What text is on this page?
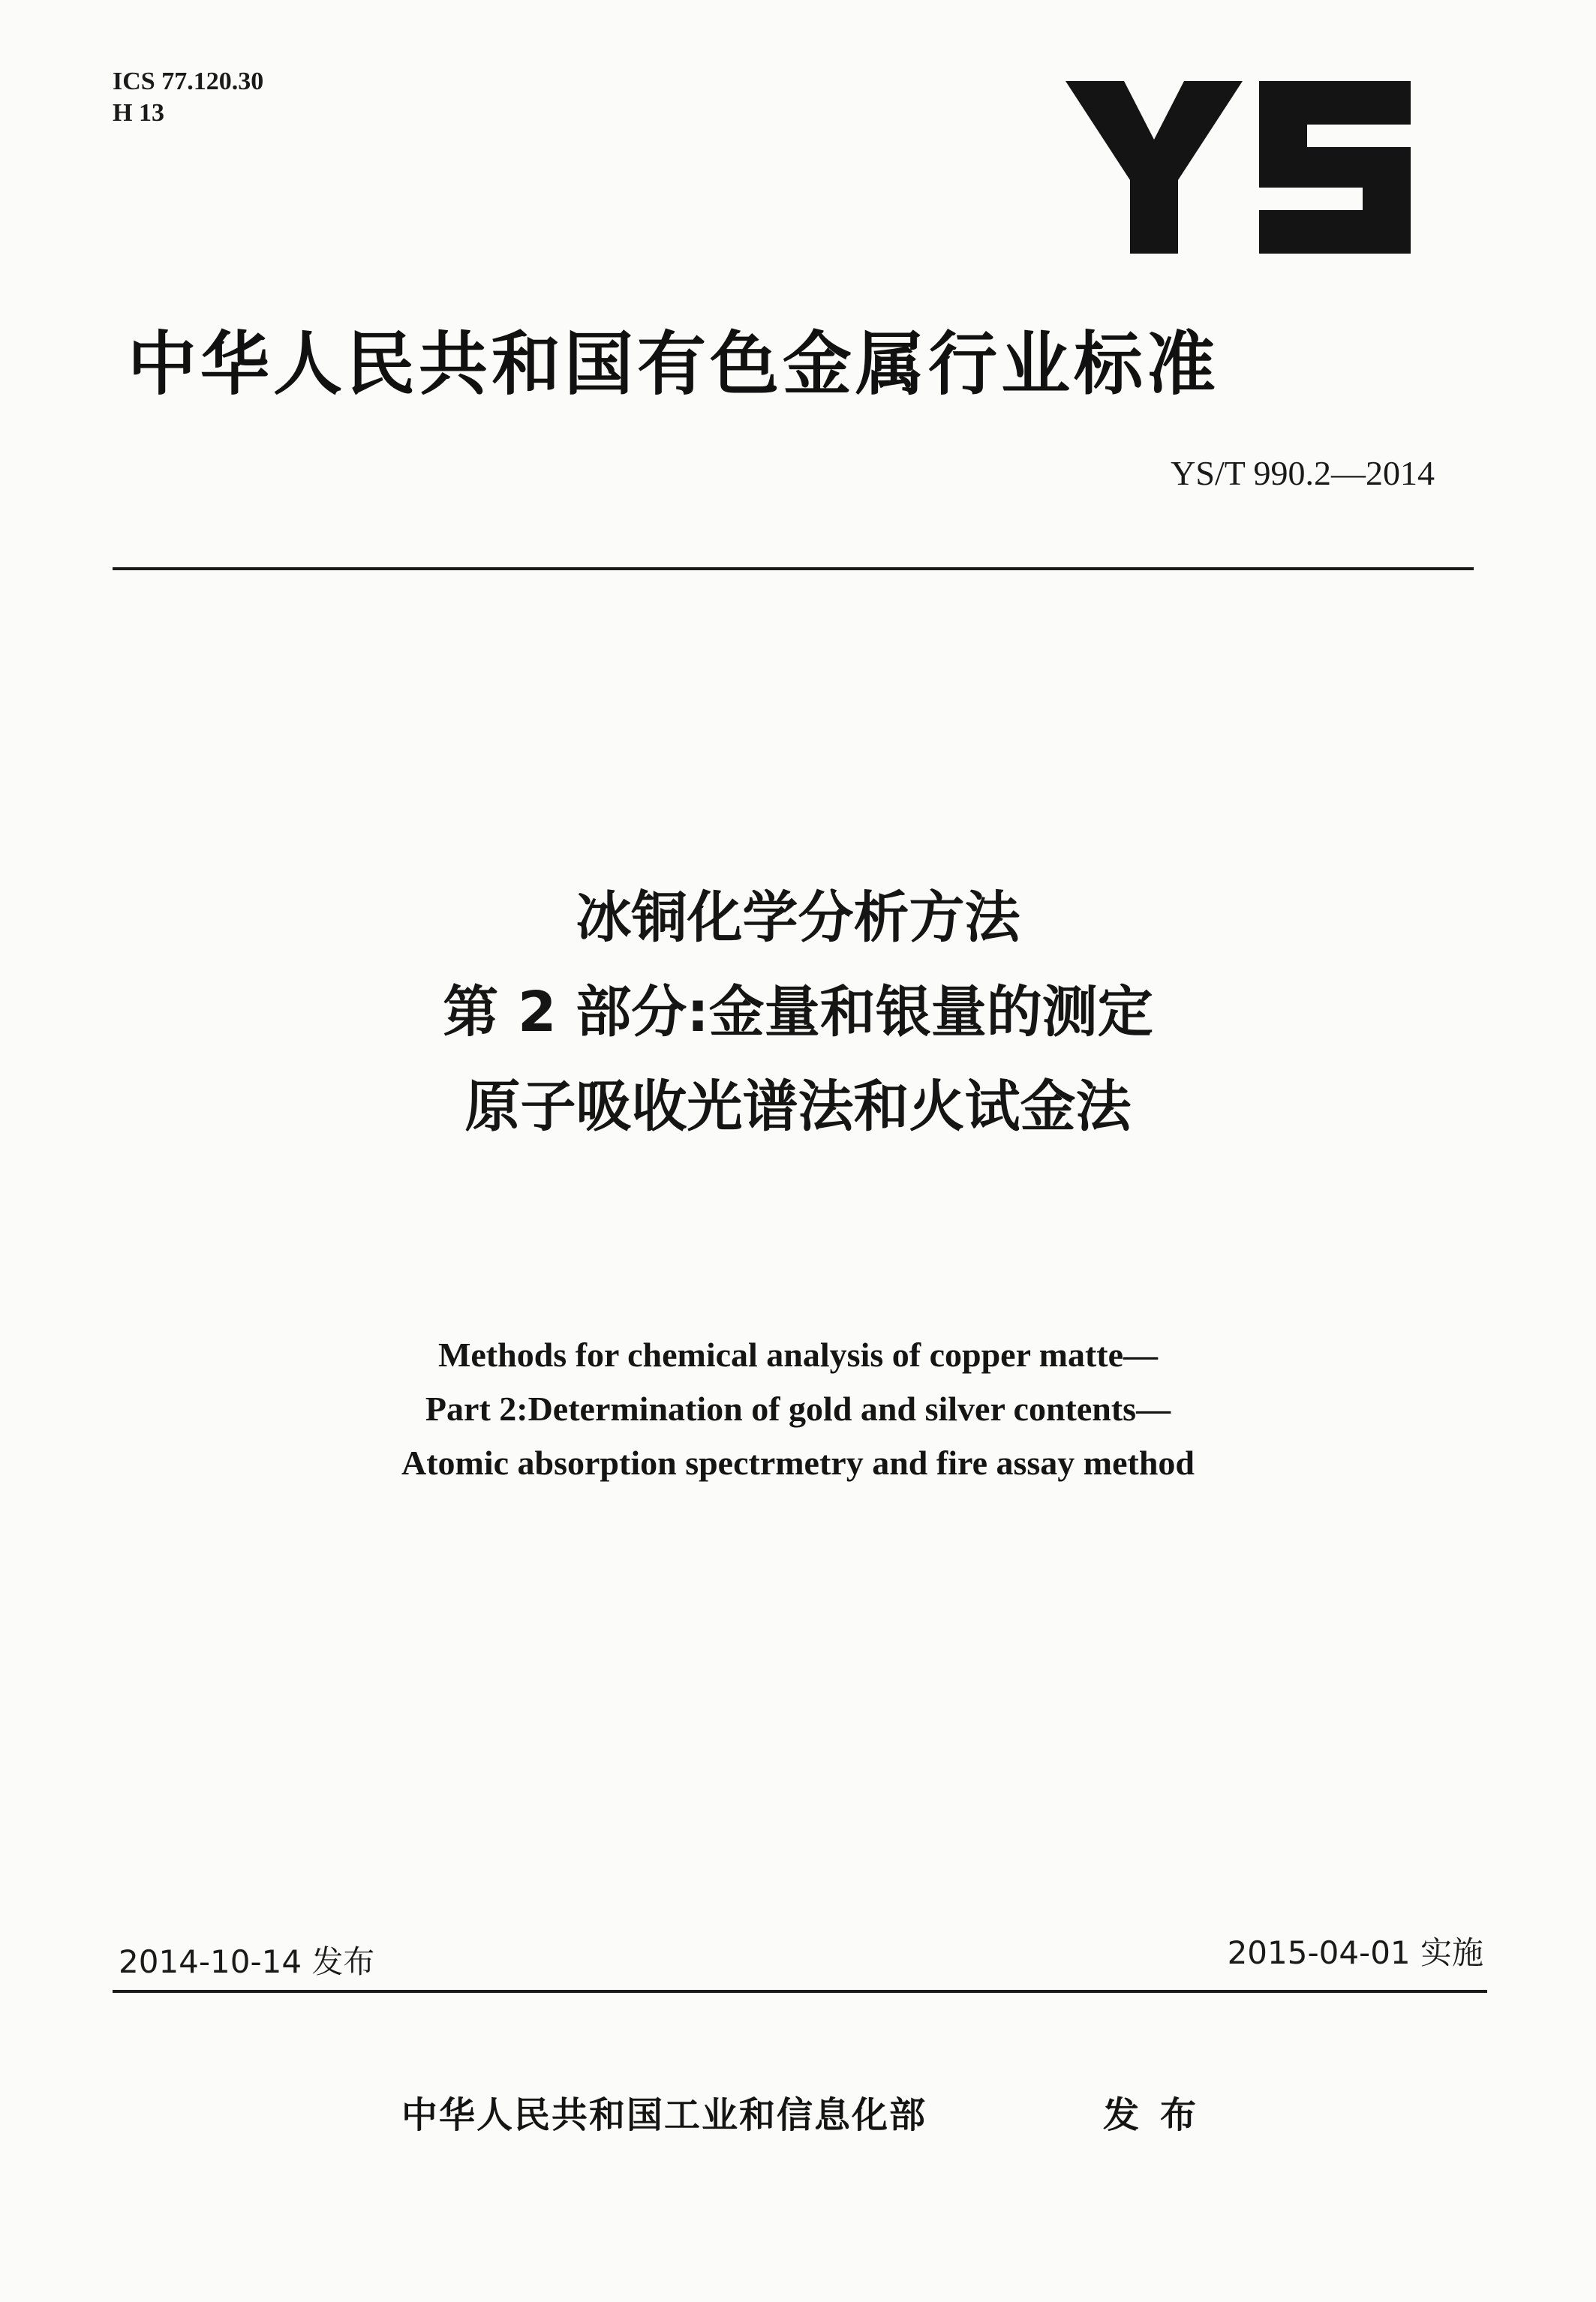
ICS 77.120.30
H 13
中华人民共和国有色金属行业标准
YS/T 990.2—2014
冰铜化学分析方法
第 2 部分:金量和银量的测定
原子吸收光谱法和火试金法
Methods for chemical analysis of copper matte—
Part 2:Determination of gold and silver contents—
Atomic absorption spectrmetry and fire assay method
2014-10-14 发布	2015-04-01 实施
中华人民共和国工业和信息化部	发布
